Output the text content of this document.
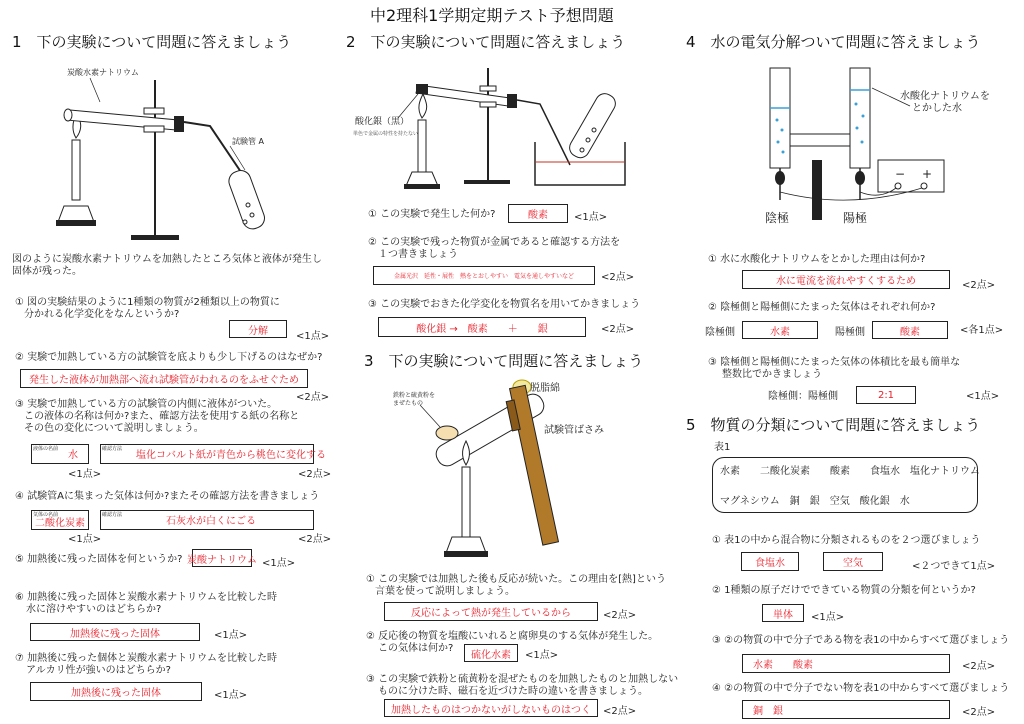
中2理科1学期定期テスト予想問題
1　下の実験について問題に答えましょう
炭酸水素ナトリウム
試験管 A
図のように炭酸水素ナトリウムを加熱したところ気体と液体が発生し
固体が残った。
① 図の実験結果のように1種類の物質が2種類以上の物質に
分かれる化学変化をなんというか?
分解	<1点>
② 実験で加熱している方の試験管を底よりも少し下げるのはなぜか?
発生した液体が加熱部へ流れ試験管がわれるのをふせぐため
<2点>
③ 実験で加熱している方の試験管の内側に液体がついた。
この液体の名称は何か?また、確認方法を使用する紙の名称と
その色の変化について説明しましょう。
液体の名前
水
確認方法
塩化コバルト紙が青色から桃色に変化する
<1点>	<2点>
④ 試験管Aに集まった気体は何か?またその確認方法を書きましょう
気体の名前
二酸化炭素
確認方法
石灰水が白くにごる
<1点>	<2点>
⑤ 加熱後に残った固体を何というか? 炭酸ナトリウム <1点>
⑥ 加熱後に残った固体と炭酸水素ナトリウムを比較した時
水に溶けやすいのはどちらか?
加熱後に残った固体	<1点>
⑦ 加熱後に残った個体と炭酸水素ナトリウムを比較した時
アルカリ性が強いのはどちらか?
加熱後に残った固体	<1点>
2　下の実験について問題に答えましょう
酸化銀（黒）
単色で金属の特性を持たない
① この実験で発生した何か?	酸素	<1点>
② この実験で残った物質が金属であると確認する方法を
１つ書きましょう
金属光沢　延性・展性　熱をとおしやすい　電気を通しやすいなど	<2点>
③ この実験でおきた化学変化を物質名を用いてかきましょう
酸化銀 →　酸素　　＋　　銀	<2点>
3　下の実験について問題に答えましょう
鉄粉と硫黄粉を
まぜたもの
脱脂綿
試験管ばさみ
① この実験では加熱した後も反応が続いた。この理由を[熱]という
言葉を使って説明しましょう。
反応によって熱が発生しているから	<2点>
② 反応後の物質を塩酸にいれると腐卵臭のする気体が発生した。
この気体は何か?
硫化水素	<1点>
③ この実験で鉄粉と硫黄粉を混ぜたものを加熱したものと加熱しない
ものに分けた時、磁石を近づけた時の違いを書きましょう。
加熱したものはつかないがしないものはつく	<2点>
4　水の電気分解ついて問題に答えましょう
水酸化ナトリウムを
とかした水
− +
陰極	陽極
① 水に水酸化ナトリウムをとかした理由は何か?
水に電流を流れやすくするため	<2点>
② 陰極側と陽極側にたまった気体はそれぞれ何か?
陰極側	水素	陽極側	酸素	<各1点>
③ 陰極側と陽極側にたまった気体の体積比を最も簡単な
整数比でかきましょう
陰極側：陽極側	2:1	<1点>
5　物質の分類について問題に答えましょう
表1
水素　　二酸化炭素　　酸素　　食塩水　塩化ナトリウム
マグネシウム　銅　銀　空気　酸化銀　水
① 表1の中から混合物に分類されるものを２つ選びましょう
食塩水	空気	<２つできて1点>
② 1種類の原子だけでできている物質の分類を何というか?
単体	<1点>
③ ②の物質の中で分子である物を表1の中からすべて選びましょう
水素　　酸素	<2点>
④ ②の物質の中で分子でない物を表1の中からすべて選びましょう
銅　銀	<2点>
